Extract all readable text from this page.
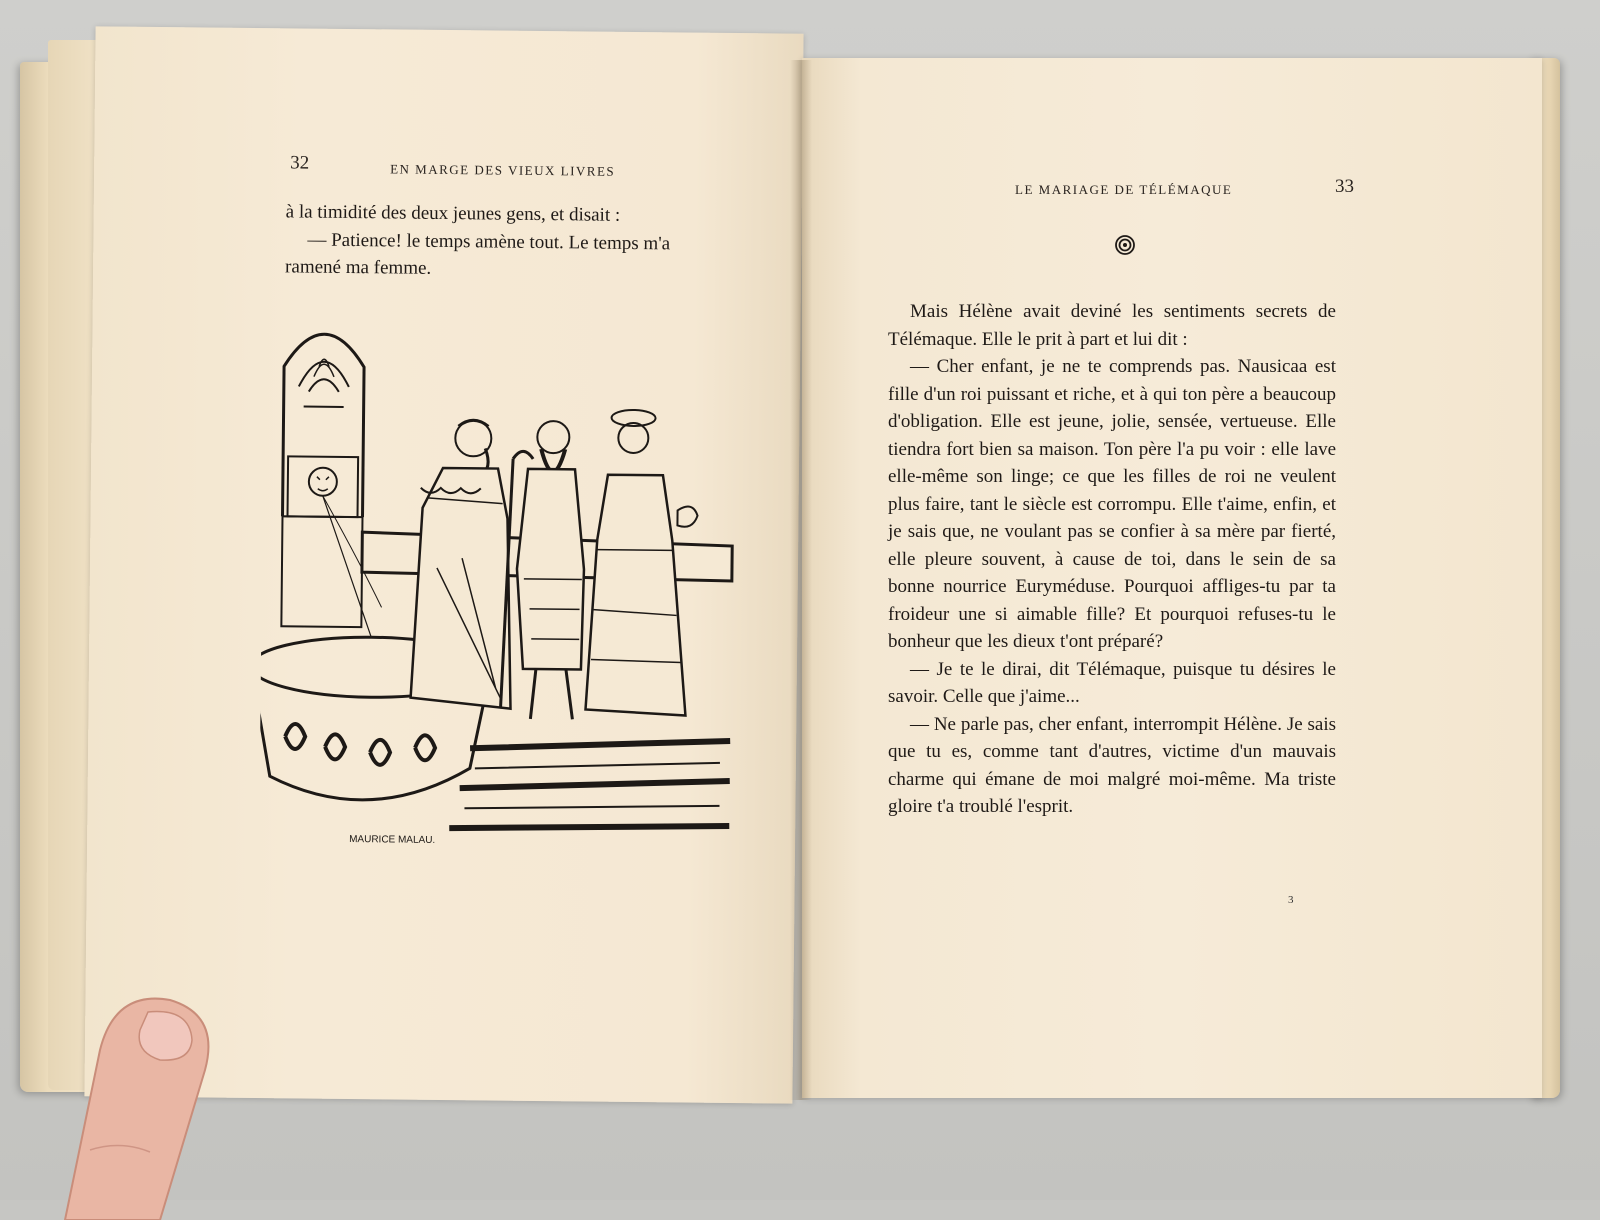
32	EN MARGE DES VIEUX LIVRES

à la timidité des deux jeunes gens, et disait :

— Patience! le temps amène tout. Le temps m'a

ramené ma femme.

MAURICE MALAU.
LE MARIAGE DE TÉLÉMAQUE	33

Mais Hélène avait deviné les sentiments secrets de Télémaque. Elle le prit à part et lui dit :

— Cher enfant, je ne te comprends pas. Nausicaa est fille d'un roi puissant et riche, et à qui ton père a beaucoup d'obligation. Elle est jeune, jolie, sensée, vertueuse. Elle tiendra fort bien sa maison. Ton père l'a pu voir : elle lave elle-même son linge; ce que les filles de roi ne veulent plus faire, tant le siècle est corrompu. Elle t'aime, enfin, et je sais que, ne voulant pas se confier à sa mère par fierté, elle pleure souvent, à cause de toi, dans le sein de sa bonne nourrice Euryméduse. Pourquoi affliges-tu par ta froideur une si aimable fille? Et pourquoi refuses-tu le bonheur que les dieux t'ont préparé?

— Je te le dirai, dit Télémaque, puisque tu désires le savoir. Celle que j'aime...

— Ne parle pas, cher enfant, interrompit Hélène. Je sais que tu es, comme tant d'autres, victime d'un mauvais charme qui émane de moi malgré moi-même. Ma triste gloire t'a troublé l'esprit.

3
